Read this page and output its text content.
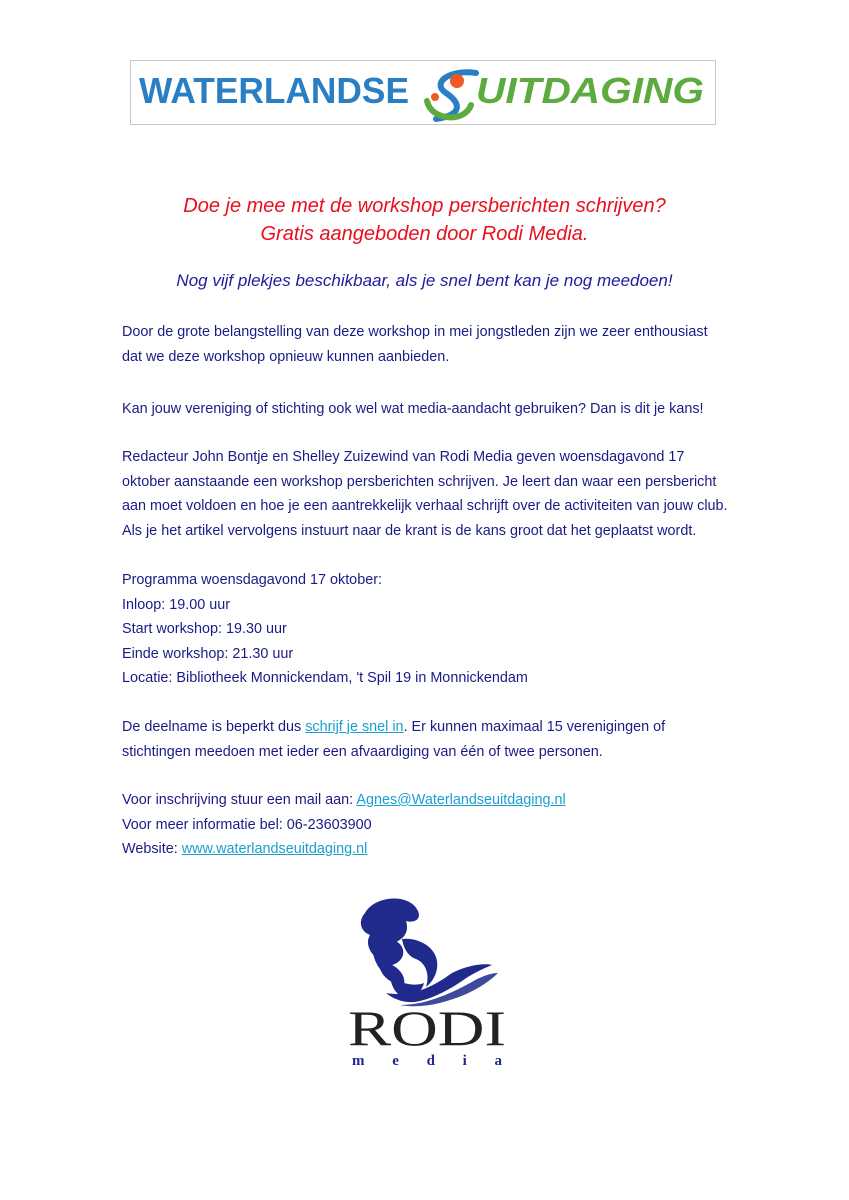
WATERLANDSE UITDAGING
Doe je mee met de workshop persberichten schrijven?
Gratis aangeboden door Rodi Media.
Nog vijf plekjes beschikbaar, als je snel bent kan je nog meedoen!

Door de grote belangstelling van deze workshop in mei jongstleden zijn we zeer enthousiast

dat we deze workshop opnieuw kunnen aanbieden.

Kan jouw vereniging of stichting ook wel wat media-aandacht gebruiken? Dan is dit je kans!

Redacteur John Bontje en Shelley Zuizewind van Rodi Media geven woensdagavond 17

oktober aanstaande een workshop persberichten schrijven. Je leert dan waar een persbericht

aan moet voldoen en hoe je een aantrekkelijk verhaal schrijft over de activiteiten van jouw club.

Als je het artikel vervolgens instuurt naar de krant is de kans groot dat het geplaatst wordt.

Programma woensdagavond 17 oktober:

Inloop: 19.00 uur

Start workshop: 19.30 uur

Einde workshop: 21.30 uur

Locatie: Bibliotheek Monnickendam, 't Spil 19 in Monnickendam

De deelname is beperkt dus schrijf je snel in. Er kunnen maximaal 15 verenigingen of

stichtingen meedoen met ieder een afvaardiging van één of twee personen.

Voor inschrijving stuur een mail aan: Agnes@Waterlandseuitdaging.nl

Voor meer informatie bel: 06-23603900

Website: www.waterlandseuitdaging.nl

RODI
m e d i a
